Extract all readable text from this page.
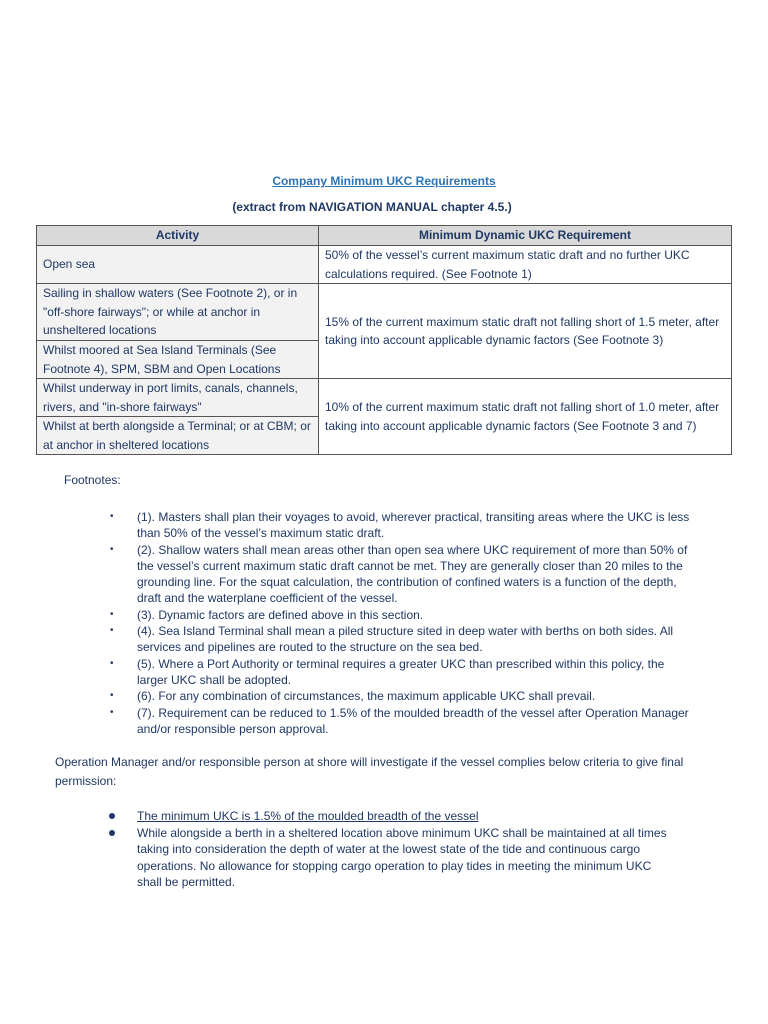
Company Minimum UKC Requirements
(extract from NAVIGATION MANUAL chapter 4.5.)
Activity	Minimum Dynamic UKC Requirement
Open sea	50% of the vessel’s current maximum static draft and no further UKC calculations required. (See Footnote 1)
Sailing in shallow waters (See Footnote 2), or in "off-shore fairways"; or while at anchor in unsheltered locations	15% of the current maximum static draft not falling short of 1.5 meter, after taking into account applicable dynamic factors (See Footnote 3)
Whilst moored at Sea Island Terminals (See Footnote 4), SPM, SBM and Open Locations	
Whilst underway in port limits, canals, channels, rivers, and "in-shore fairways"	10% of the current maximum static draft not falling short of 1.0 meter, after taking into account applicable dynamic factors (See Footnote 3 and 7)
Whilst at berth alongside a Terminal; or at CBM; or at anchor in sheltered locations	
Footnotes:
• (1). Masters shall plan their voyages to avoid, wherever practical, transiting areas where the UKC is less than 50% of the vessel’s maximum static draft.
• (2). Shallow waters shall mean areas other than open sea where UKC requirement of more than 50% of the vessel’s current maximum static draft cannot be met. They are generally closer than 20 miles to the grounding line. For the squat calculation, the contribution of confined waters is a function of the depth, draft and the waterplane coefficient of the vessel.
• (3). Dynamic factors are defined above in this section.
• (4). Sea Island Terminal shall mean a piled structure sited in deep water with berths on both sides. All services and pipelines are routed to the structure on the sea bed.
• (5). Where a Port Authority or terminal requires a greater UKC than prescribed within this policy, the larger UKC shall be adopted.
• (6). For any combination of circumstances, the maximum applicable UKC shall prevail.
• (7). Requirement can be reduced to 1.5% of the moulded breadth of the vessel after Operation Manager and/or responsible person approval.
Operation Manager and/or responsible person at shore will investigate if the vessel complies below criteria to give final permission:
The minimum UKC is 1.5% of the moulded breadth of the vessel
While alongside a berth in a sheltered location above minimum UKC shall be maintained at all times taking into consideration the depth of water at the lowest state of the tide and continuous cargo operations. No allowance for stopping cargo operation to play tides in meeting the minimum UKC shall be permitted.
